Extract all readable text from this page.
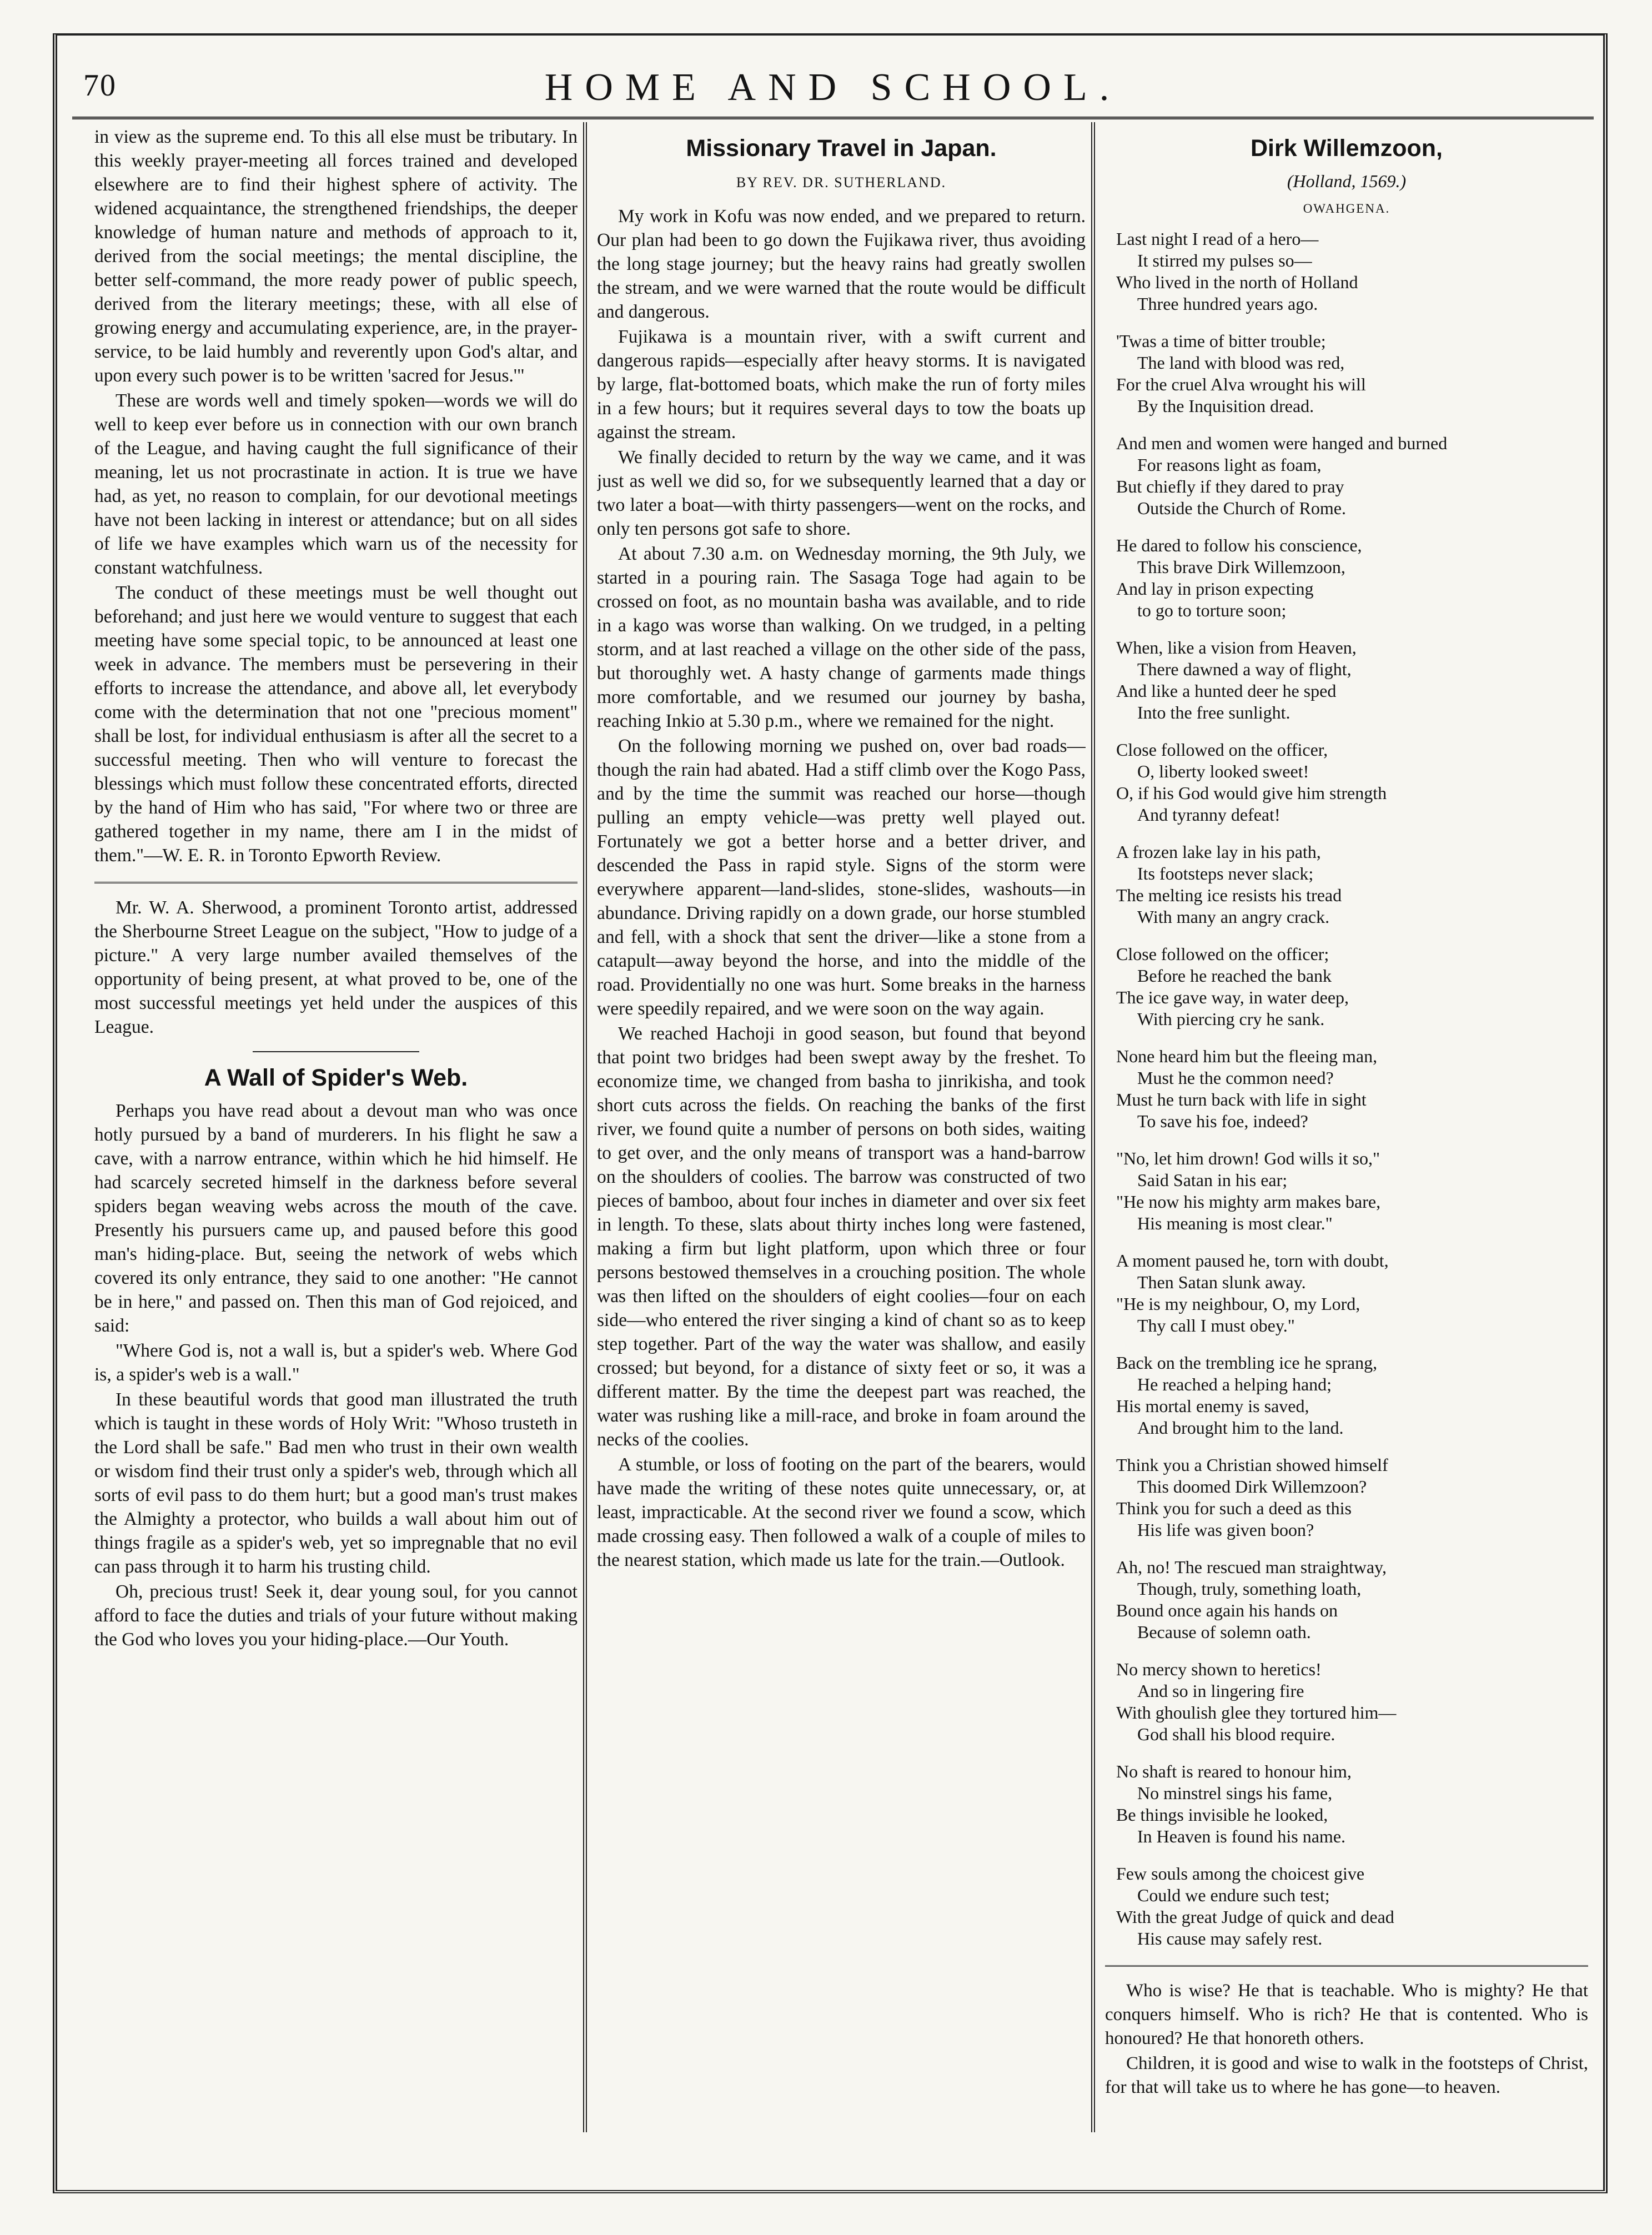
70	HOME AND SCHOOL.

in view as the supreme end. To this all else must be tributary. In this weekly prayer-meeting all forces trained and developed elsewhere are to find their highest sphere of activity. The widened acquaintance, the strengthened friendships, the deeper knowledge of human nature and methods of approach to it, derived from the social meetings; the mental discipline, the better self-command, the more ready power of public speech, derived from the literary meetings; these, with all else of growing energy and accumulating experience, are, in the prayer-service, to be laid humbly and reverently upon God's altar, and upon every such power is to be written 'sacred for Jesus.'"

These are words well and timely spoken—words we will do well to keep ever before us in connection with our own branch of the League, and having caught the full significance of their meaning, let us not procrastinate in action. It is true we have had, as yet, no reason to complain, for our devotional meetings have not been lacking in interest or attendance; but on all sides of life we have examples which warn us of the necessity for constant watchfulness.

The conduct of these meetings must be well thought out beforehand; and just here we would venture to suggest that each meeting have some special topic, to be announced at least one week in advance. The members must be persevering in their efforts to increase the attendance, and above all, let everybody come with the determination that not one "precious moment" shall be lost, for individual enthusiasm is after all the secret to a successful meeting. Then who will venture to forecast the blessings which must follow these concentrated efforts, directed by the hand of Him who has said, "For where two or three are gathered together in my name, there am I in the midst of them."—W. E. R. in Toronto Epworth Review.

Mr. W. A. Sherwood, a prominent Toronto artist, addressed the Sherbourne Street League on the subject, "How to judge of a picture." A very large number availed themselves of the opportunity of being present, at what proved to be, one of the most successful meetings yet held under the auspices of this League.

A Wall of Spider's Web.

Perhaps you have read about a devout man who was once hotly pursued by a band of murderers. In his flight he saw a cave, with a narrow entrance, within which he hid himself. He had scarcely secreted himself in the darkness before several spiders began weaving webs across the mouth of the cave. Presently his pursuers came up, and paused before this good man's hiding-place. But, seeing the network of webs which covered its only entrance, they said to one another: "He cannot be in here," and passed on. Then this man of God rejoiced, and said:

"Where God is, not a wall is, but a spider's web. Where God is, a spider's web is a wall."

In these beautiful words that good man illustrated the truth which is taught in these words of Holy Writ: "Whoso trusteth in the Lord shall be safe." Bad men who trust in their own wealth or wisdom find their trust only a spider's web, through which all sorts of evil pass to do them hurt; but a good man's trust makes the Almighty a protector, who builds a wall about him out of things fragile as a spider's web, yet so impregnable that no evil can pass through it to harm his trusting child.

Oh, precious trust! Seek it, dear young soul, for you cannot afford to face the duties and trials of your future without making the God who loves you your hiding-place.—Our Youth.

Missionary Travel in Japan.
BY REV. DR. SUTHERLAND.

My work in Kofu was now ended, and we prepared to return. Our plan had been to go down the Fujikawa river, thus avoiding the long stage journey; but the heavy rains had greatly swollen the stream, and we were warned that the route would be difficult and dangerous.

Fujikawa is a mountain river, with a swift current and dangerous rapids—especially after heavy storms. It is navigated by large, flat-bottomed boats, which make the run of forty miles in a few hours; but it requires several days to tow the boats up against the stream.

We finally decided to return by the way we came, and it was just as well we did so, for we subsequently learned that a day or two later a boat—with thirty passengers—went on the rocks, and only ten persons got safe to shore.

At about 7.30 a.m. on Wednesday morning, the 9th July, we started in a pouring rain. The Sasaga Toge had again to be crossed on foot, as no mountain basha was available, and to ride in a kago was worse than walking. On we trudged, in a pelting storm, and at last reached a village on the other side of the pass, but thoroughly wet. A hasty change of garments made things more comfortable, and we resumed our journey by basha, reaching Inkio at 5.30 p.m., where we remained for the night.

On the following morning we pushed on, over bad roads—though the rain had abated. Had a stiff climb over the Kogo Pass, and by the time the summit was reached our horse—though pulling an empty vehicle—was pretty well played out. Fortunately we got a better horse and a better driver, and descended the Pass in rapid style. Signs of the storm were everywhere apparent—land-slides, stone-slides, washouts—in abundance. Driving rapidly on a down grade, our horse stumbled and fell, with a shock that sent the driver—like a stone from a catapult—away beyond the horse, and into the middle of the road. Providentially no one was hurt. Some breaks in the harness were speedily repaired, and we were soon on the way again.

We reached Hachoji in good season, but found that beyond that point two bridges had been swept away by the freshet. To economize time, we changed from basha to jinrikisha, and took short cuts across the fields. On reaching the banks of the first river, we found quite a number of persons on both sides, waiting to get over, and the only means of transport was a hand-barrow on the shoulders of coolies. The barrow was constructed of two pieces of bamboo, about four inches in diameter and over six feet in length. To these, slats about thirty inches long were fastened, making a firm but light platform, upon which three or four persons bestowed themselves in a crouching position. The whole was then lifted on the shoulders of eight coolies—four on each side—who entered the river singing a kind of chant so as to keep step together. Part of the way the water was shallow, and easily crossed; but beyond, for a distance of sixty feet or so, it was a different matter. By the time the deepest part was reached, the water was rushing like a mill-race, and broke in foam around the necks of the coolies.

A stumble, or loss of footing on the part of the bearers, would have made the writing of these notes quite unnecessary, or, at least, impracticable. At the second river we found a scow, which made crossing easy. Then followed a walk of a couple of miles to the nearest station, which made us late for the train.—Outlook.

Dirk Willemzoon,
(Holland, 1569.)
OWAHGENA.
Last night I read of a hero—
It stirred my pulses so—
Who lived in the north of Holland
Three hundred years ago.
'Twas a time of bitter trouble;
The land with blood was red,
For the cruel Alva wrought his will
By the Inquisition dread.
And men and women were hanged and burned
For reasons light as foam,
But chiefly if they dared to pray
Outside the Church of Rome.
He dared to follow his conscience,
This brave Dirk Willemzoon,
And lay in prison expecting
to go to torture soon;
When, like a vision from Heaven,
There dawned a way of flight,
And like a hunted deer he sped
Into the free sunlight.
Close followed on the officer,
O, liberty looked sweet!
O, if his God would give him strength
And tyranny defeat!
A frozen lake lay in his path,
Its footsteps never slack;
The melting ice resists his tread
With many an angry crack.
Close followed on the officer;
Before he reached the bank
The ice gave way, in water deep,
With piercing cry he sank.
None heard him but the fleeing man,
Must he the common need?
Must he turn back with life in sight
To save his foe, indeed?
"No, let him drown! God wills it so,"
Said Satan in his ear;
"He now his mighty arm makes bare,
His meaning is most clear."
A moment paused he, torn with doubt,
Then Satan slunk away.
"He is my neighbour, O, my Lord,
Thy call I must obey."
Back on the trembling ice he sprang,
He reached a helping hand;
His mortal enemy is saved,
And brought him to the land.
Think you a Christian showed himself
This doomed Dirk Willemzoon?
Think you for such a deed as this
His life was given boon?
Ah, no! The rescued man straightway,
Though, truly, something loath,
Bound once again his hands on
Because of solemn oath.
No mercy shown to heretics!
And so in lingering fire
With ghoulish glee they tortured him—
God shall his blood require.
No shaft is reared to honour him,
No minstrel sings his fame,
Be things invisible he looked,
In Heaven is found his name.
Few souls among the choicest give
Could we endure such test;
With the great Judge of quick and dead
His cause may safely rest.

Who is wise? He that is teachable. Who is mighty? He that conquers himself. Who is rich? He that is contented. Who is honoured? He that honoreth others.

Children, it is good and wise to walk in the footsteps of Christ, for that will take us to where he has gone—to heaven.
